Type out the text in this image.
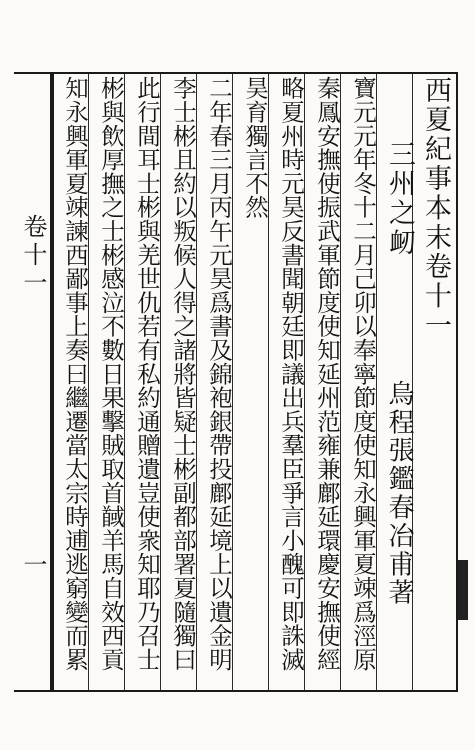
卷十一
一
西夏紀事本末卷十一
三州之衂
烏程張鑑春冶甫著
寶元元年冬十二月己卯以奉寧節度使知永興軍夏竦爲涇原
秦鳳安撫使振武軍節度使知延州范雍兼鄜延環慶安撫使經
略夏州時元昊反書聞朝廷即議出兵羣臣爭言小醜可即誅滅
昊育獨言不然
二年春三月丙午元昊爲書及錦袍銀帶投鄜延境上以遺金明
李士彬且約以叛候人得之諸將皆疑士彬副都部署夏隨獨曰
此行間耳士彬與羌世仇若有私約通贈遺豈使衆知耶乃召士
彬與飲厚撫之士彬感泣不數日果擊賊取首馘羊馬自效西貢
知永興軍夏竦諫西鄙事上奏曰繼遷當太宗時逋逃窮變而累
